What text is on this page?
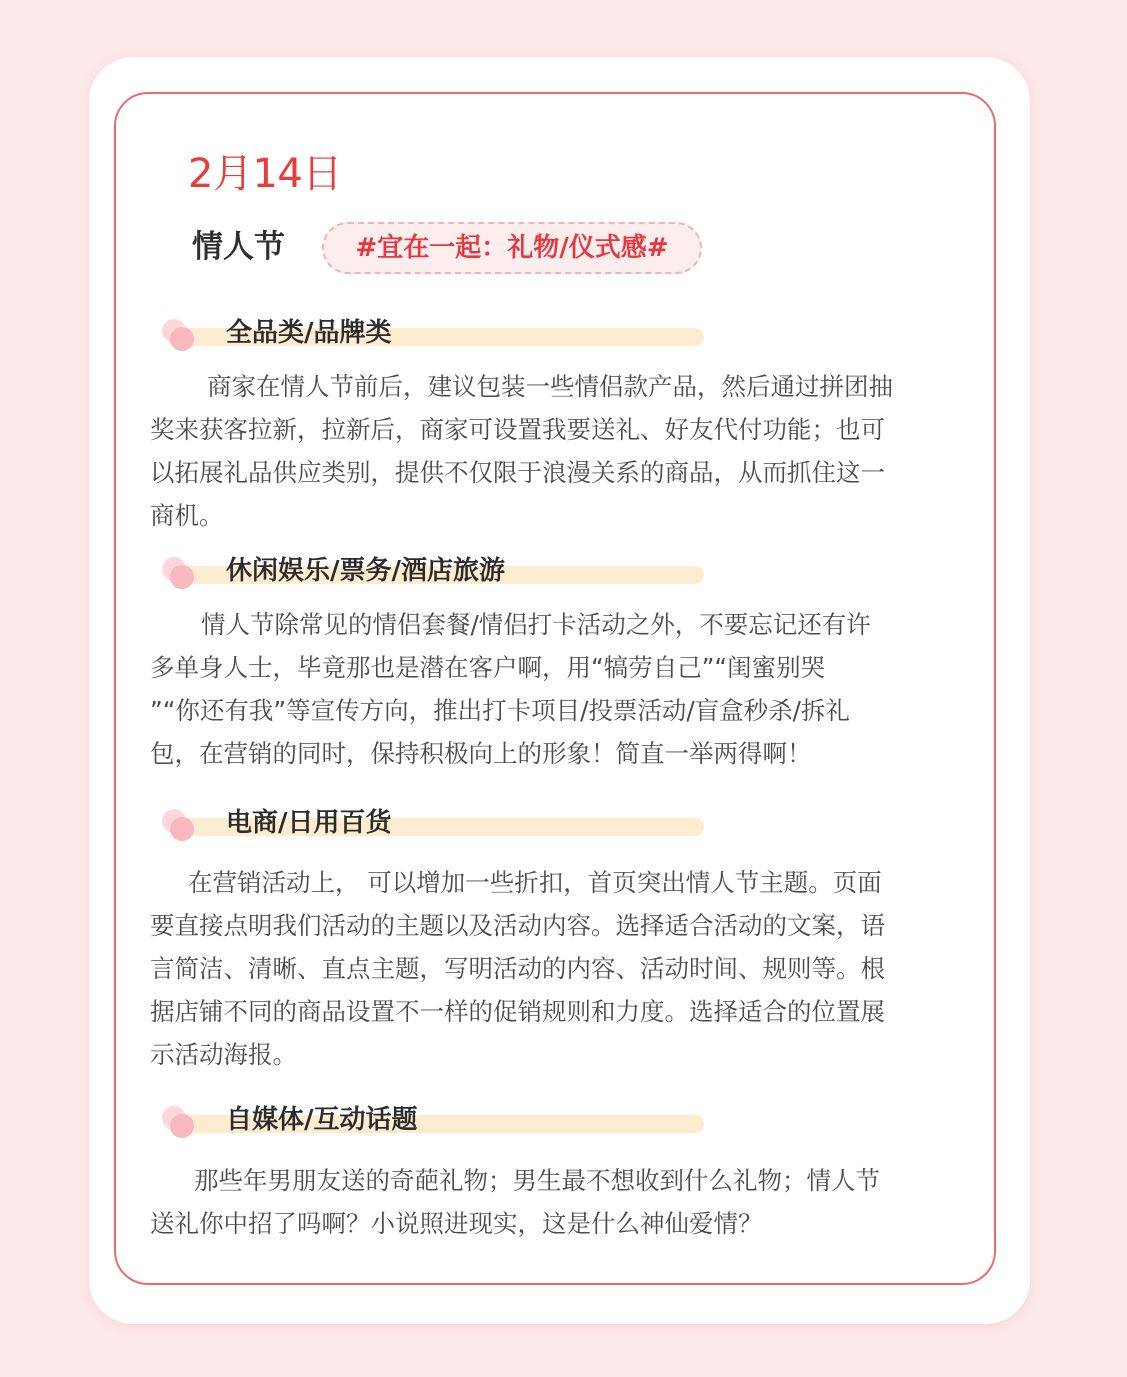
2月14日
情人节	#宜在一起：礼物/仪式感#
全品类/品牌类

商家在情人节前后，建议包装一些情侣款产品，然后通过拼团抽
奖来获客拉新，拉新后，商家可设置我要送礼、好友代付功能；也可
以拓展礼品供应类别，提供不仅限于浪漫关系的商品，从而抓住这一
商机。

休闲娱乐/票务/酒店旅游

情人节除常见的情侣套餐/情侣打卡活动之外，不要忘记还有许
多单身人士，毕竟那也是潜在客户啊，用“犒劳自己”“闺蜜别哭
”“你还有我”等宣传方向，推出打卡项目/投票活动/盲盒秒杀/拆礼
包，在营销的同时，保持积极向上的形象！简直一举两得啊！

电商/日用百货

在营销活动上， 可以增加一些折扣，首页突出情人节主题。页面
要直接点明我们活动的主题以及活动内容。选择适合活动的文案，语
言简洁、清晰、直点主题，写明活动的内容、活动时间、规则等。根
据店铺不同的商品设置不一样的促销规则和力度。选择适合的位置展
示活动海报。

自媒体/互动话题

那些年男朋友送的奇葩礼物；男生最不想收到什么礼物；情人节
送礼你中招了吗啊？小说照进现实，这是什么神仙爱情？
